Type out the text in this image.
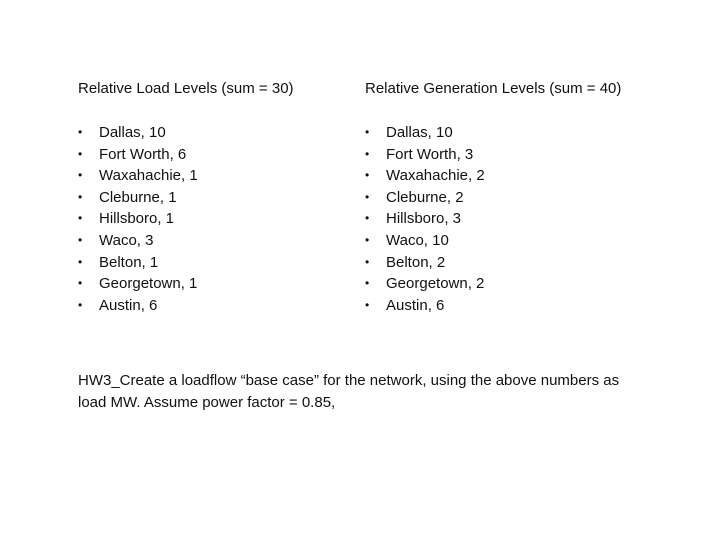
Relative Load Levels (sum = 30)

•	Dallas, 10
•	Fort Worth, 6
•	Waxahachie, 1
•	Cleburne, 1
•	Hillsboro, 1
•	Waco, 3
•	Belton, 1
•	Georgetown, 1
•	Austin, 6

Relative Generation Levels (sum = 40)

•	Dallas, 10
•	Fort Worth, 3
•	Waxahachie, 2
•	Cleburne, 2
•	Hillsboro, 3
•	Waco, 10
•	Belton, 2
•	Georgetown, 2
•	Austin, 6

HW3_Create a loadflow “base case” for the network, using the above numbers as load MW. Assume power factor = 0.85,
